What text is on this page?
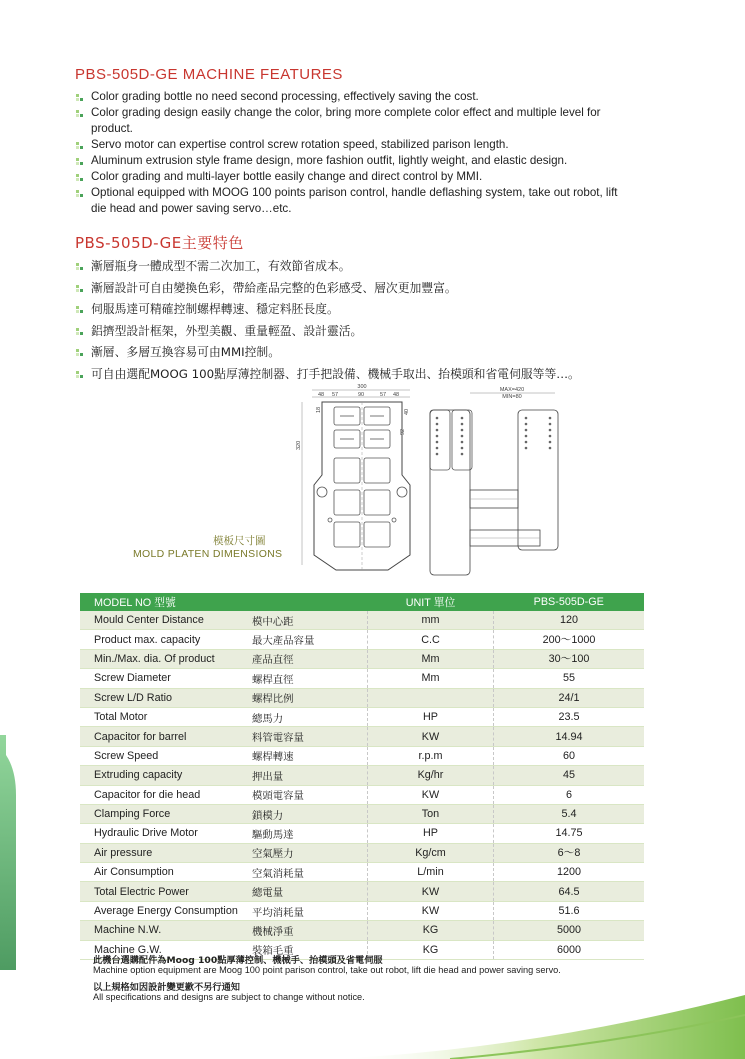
PBS-505D-GE MACHINE FEATURES
Color grading bottle no need second processing, effectively saving the cost.
Color grading design easily change the color, bring more complete color effect and multiple level for product.
Servo motor can expertise control screw rotation speed, stabilized parison length.
Aluminum extrusion style frame design, more fashion outfit, lightly weight, and elastic design.
Color grading and multi-layer bottle easily change and direct control by MMI.
Optional equipped with MOOG 100 points parison control, handle deflashing system, take out robot, lift die head and power saving servo…etc.
PBS-505D-GE主要特色
漸層瓶身一體成型不需二次加工，有效節省成本。
漸層設計可自由變換色彩，帶給產品完整的色彩感受、層次更加豐富。
伺服馬達可精確控制螺桿轉速、穩定料胚長度。
鋁擠型設計框架，外型美觀、重量輕盈、設計靈活。
漸層、多層互換容易可由MMI控制。
可自由選配MOOG 100點厚薄控制器、打手把設備、機械手取出、抬模頭和省電伺服等等…。
300
48 57	90	57 48
18	40
92
320
MAX=420
MIN=80
模板尺寸圖
MOLD PLATEN DIMENSIONS
MODEL NO 型號		UNIT 單位	PBS-505D-GE
Mould Center Distance	模中心距	mm	120
Product max. capacity	最大產品容量	C.C	200～1000
Min./Max. dia. Of product	產品直徑	Mm	30～100
Screw Diameter	螺桿直徑	Mm	55
Screw L/D Ratio	螺桿比例		24/1
Total Motor	總馬力	HP	23.5
Capacitor for barrel	料管電容量	KW	14.94
Screw Speed	螺桿轉速	r.p.m	60
Extruding capacity	押出量	Kg/hr	45
Capacitor for die head	模頭電容量	KW	6
Clamping Force	鎖模力	Ton	5.4
Hydraulic Drive Motor	驅動馬達	HP	14.75
Air pressure	空氣壓力	Kg/cm	6～8
Air Consumption	空氣消耗量	L/min	1200
Total Electric Power	總電量	KW	64.5
Average Energy Consumption	平均消耗量	KW	51.6
Machine N.W.	機械淨重	KG	5000
Machine G.W.	裝箱毛重	KG	6000

此機台選購配件為Moog 100點厚薄控制、機械手、抬模頭及省電伺服

Machine option equipment are Moog 100 point parison control, take out robot, lift die head and power saving servo.

以上規格如因設計變更歉不另行通知

All specifications and designs are subject to change without notice.
